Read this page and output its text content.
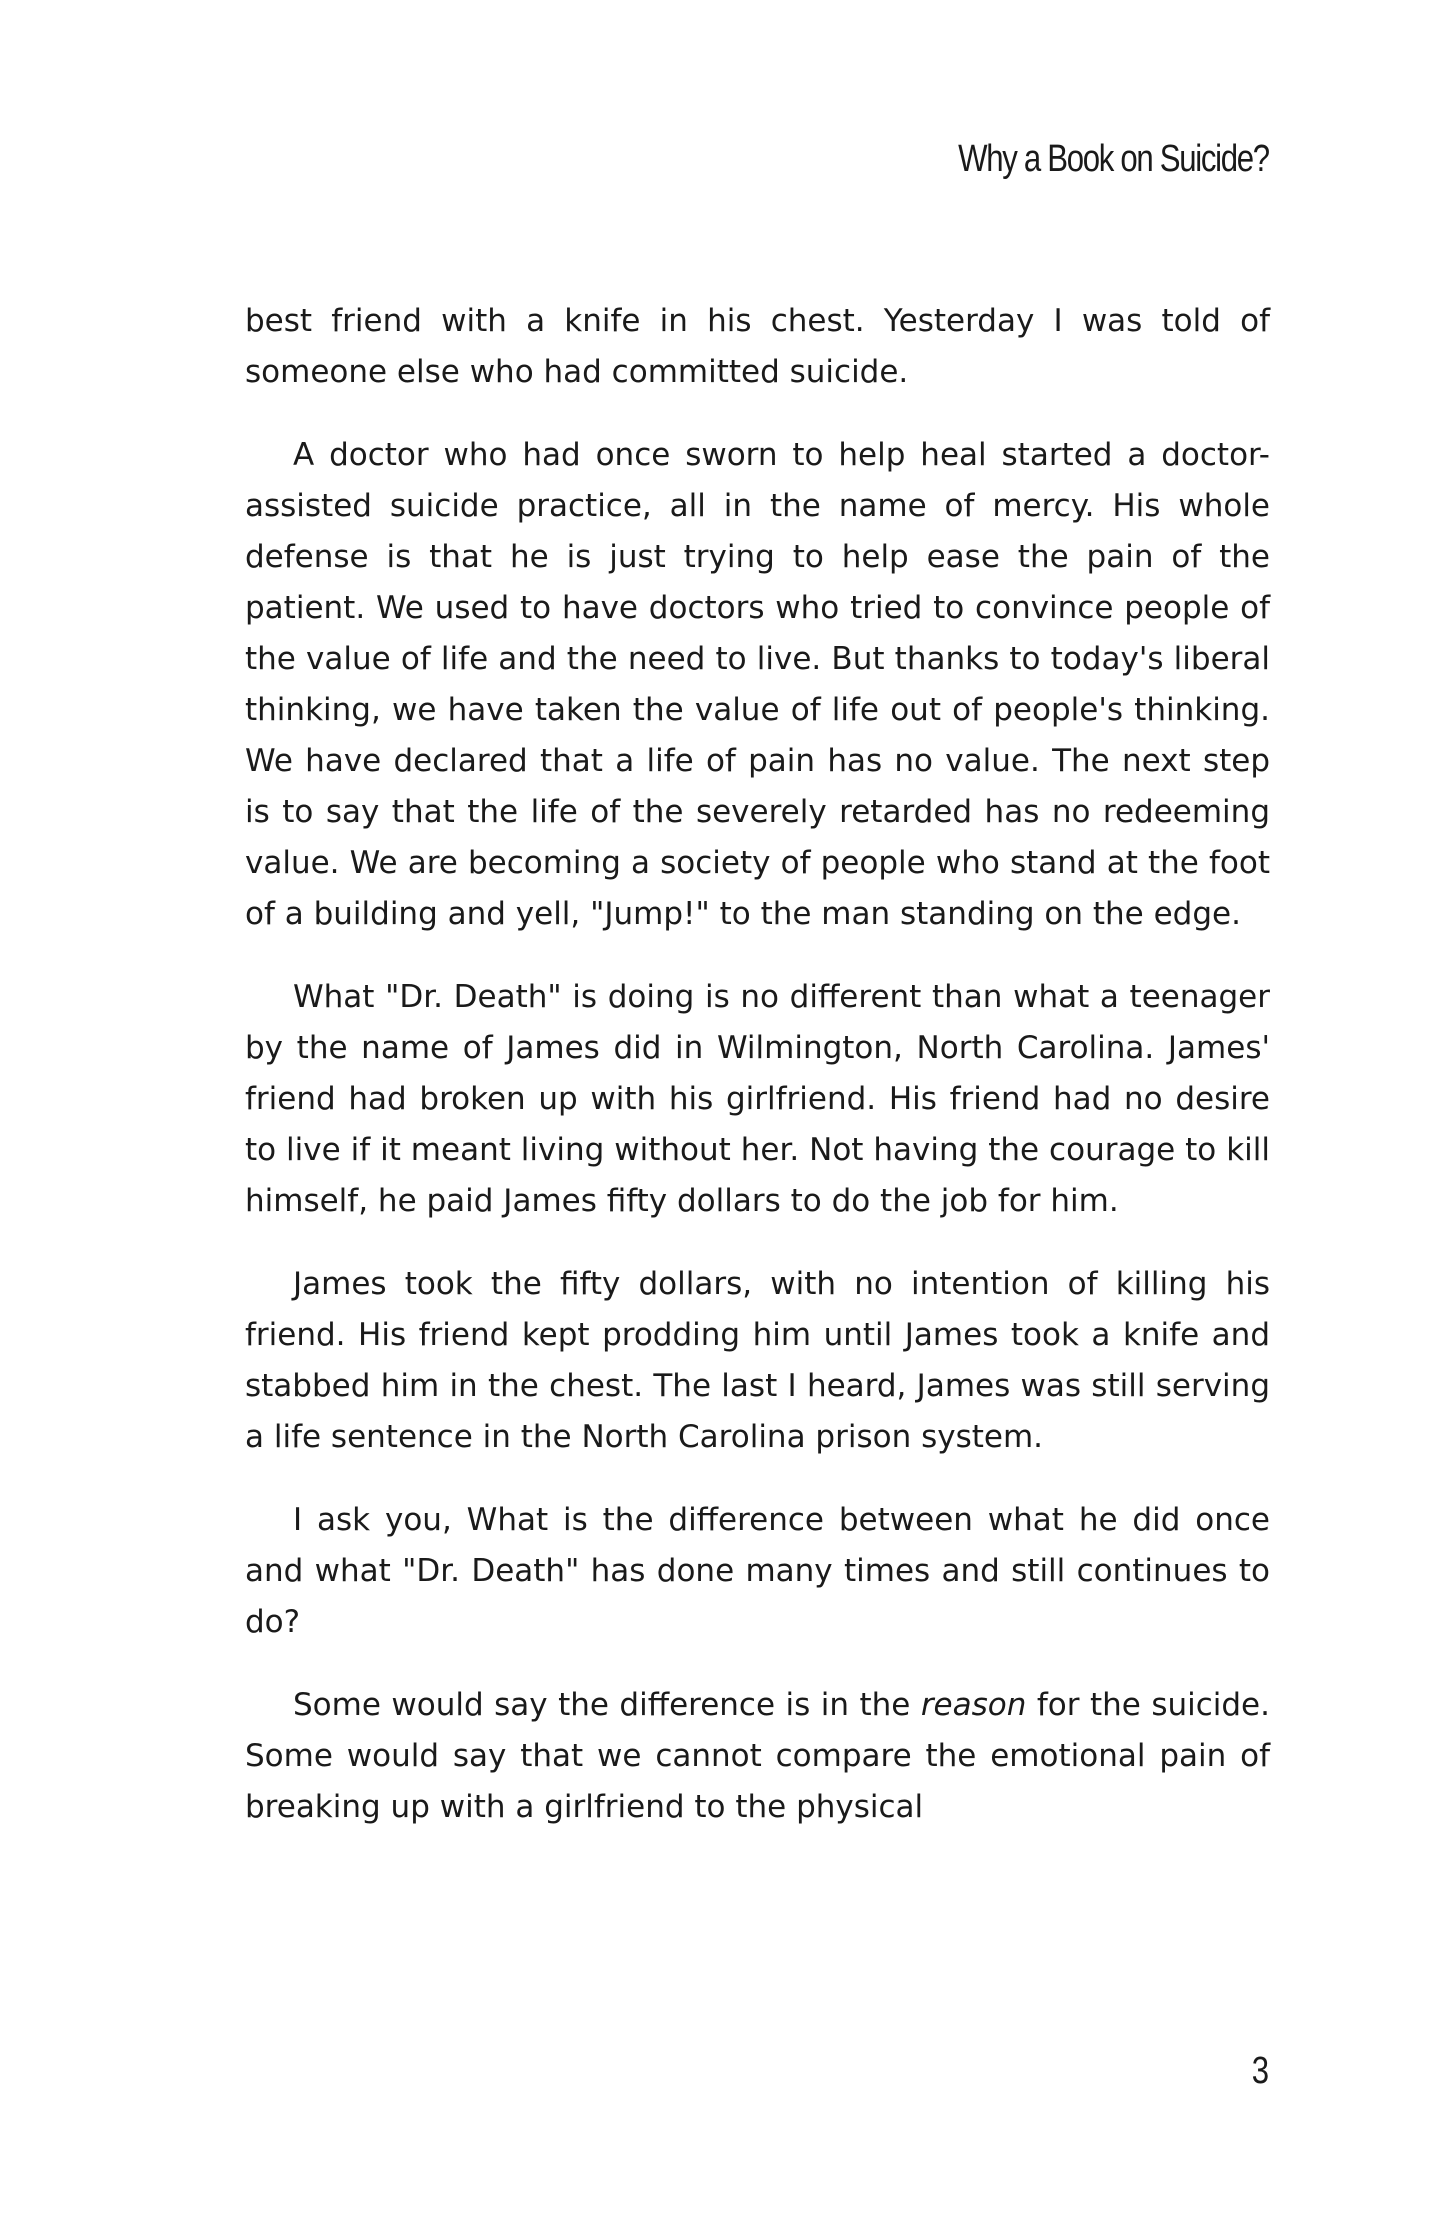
Why a Book on Suicide?

best friend with a knife in his chest. Yesterday I was told of someone else who had committed suicide.

A doctor who had once sworn to help heal started a doctor-assisted suicide practice, all in the name of mercy. His whole defense is that he is just trying to help ease the pain of the patient. We used to have doctors who tried to convince people of the value of life and the need to live. But thanks to today's liberal thinking, we have taken the value of life out of people's thinking. We have declared that a life of pain has no value. The next step is to say that the life of the severely retarded has no redeeming value. We are becoming a society of people who stand at the foot of a building and yell, "Jump!" to the man standing on the edge.

What "Dr. Death" is doing is no different than what a teenager by the name of James did in Wilmington, North Carolina. James' friend had broken up with his girlfriend. His friend had no desire to live if it meant living without her. Not having the courage to kill himself, he paid James fifty dollars to do the job for him.

James took the fifty dollars, with no intention of killing his friend. His friend kept prodding him until James took a knife and stabbed him in the chest. The last I heard, James was still serving a life sentence in the North Carolina prison system.

I ask you, What is the difference between what he did once and what "Dr. Death" has done many times and still continues to do?

Some would say the difference is in the reason for the suicide. Some would say that we cannot compare the emotional pain of breaking up with a girlfriend to the physical

3
